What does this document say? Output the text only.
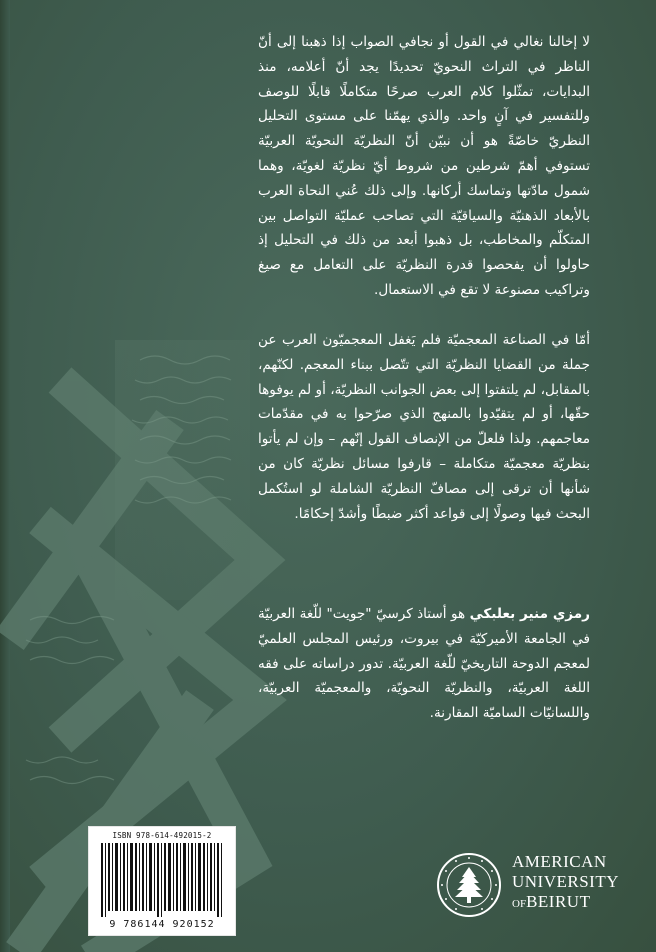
لا إخالنا نغالي في القول أو نجافي الصواب إذا ذهبنا إلى أنّ الناظر في التراث النحويّ تحديدًا يجد أنّ أعلامه، منذ البدايات، تمثّلوا كلام العرب صرحًا متكاملًا قابلًا للوصف وللتفسير في آنٍ واحد. والذي يهمّنا على مستوى التحليل النظريّ خاصّةً هو أن نبيّن أنّ النظريّة النحويّة العربيّة تستوفي أهمّ شرطين من شروط أيّ نظريّة لغويّة، وهما شمول مادّتها وتماسك أركانها. وإلى ذلك عُني النحاة العرب بالأبعاد الذهنيّة والسياقيّة التي تصاحب عمليّة التواصل بين المتكلّم والمخاطب، بل ذهبوا أبعد من ذلك في التحليل إذ حاولوا أن يفحصوا قدرة النظريّة على التعامل مع صيغ وتراكيب مصنوعة لا تقع في الاستعمال.

أمّا في الصناعة المعجميّة فلم يَغفل المعجميّون العرب عن جملة من القضايا النظريّة التي تتّصل ببناء المعجم. لكنّهم، بالمقابل، لم يلتفتوا إلى بعض الجوانب النظريّة، أو لم يوفوها حقّها، أو لم يتقيّدوا بالمنهج الذي صرّحوا به في مقدّمات معاجمهم. ولذا فلعلّ من الإنصاف القول إنّهم – وإن لم يأتوا بنظريّة معجميّة متكاملة – قارفوا مسائل نظريّة كان من شأنها أن ترقى إلى مصافّ النظريّة الشاملة لو استُكمل البحث فيها وصولًا إلى قواعد أكثر ضبطًا وأشدّ إحكامًا.

رمزي منير بعلبكي هو أستاذ كرسيّ "جويت" للّغة العربيّة في الجامعة الأميركيّة في بيروت، ورئيس المجلس العلميّ لمعجم الدوحة التاريخيّ للّغة العربيّة. تدور دراساته على فقه اللغة العربيّة، والنظريّة النحويّة، والمعجميّة العربيّة، واللسانيّات الساميّة المقارنة.

ISBN 978-614-492015-2
9 786144 920152
AMERICAN
UNIVERSITY
OFBEIRUT
